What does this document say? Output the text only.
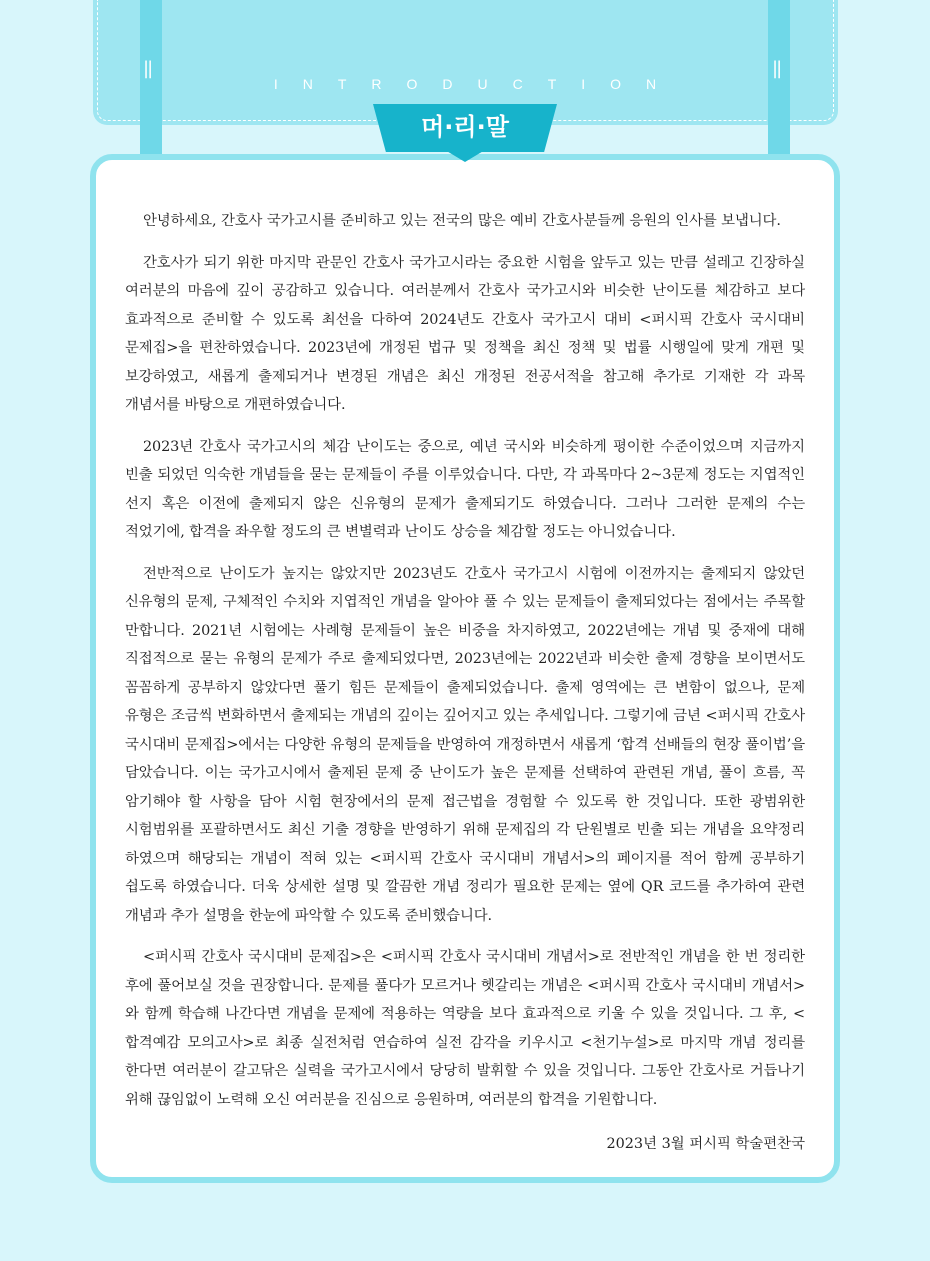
||	||
INTRODUCTION
머·리·말

안녕하세요, 간호사 국가고시를 준비하고 있는 전국의 많은 예비 간호사분들께 응원의 인사를 보냅니다.

간호사가 되기 위한 마지막 관문인 간호사 국가고시라는 중요한 시험을 앞두고 있는 만큼 설레고 긴장하실 여러분의 마음에 깊이 공감하고 있습니다. 여러분께서 간호사 국가고시와 비슷한 난이도를 체감하고 보다 효과적으로 준비할 수 있도록 최선을 다하여 2024년도 간호사 국가고시 대비 <퍼시픽 간호사 국시대비 문제집>을 편찬하였습니다. 2023년에 개정된 법규 및 정책을 최신 정책 및 법률 시행일에 맞게 개편 및 보강하였고, 새롭게 출제되거나 변경된 개념은 최신 개정된 전공서적을 참고해 추가로 기재한 각 과목 개념서를 바탕으로 개편하였습니다.

2023년 간호사 국가고시의 체감 난이도는 중으로, 예년 국시와 비슷하게 평이한 수준이었으며 지금까지 빈출 되었던 익숙한 개념들을 묻는 문제들이 주를 이루었습니다. 다만, 각 과목마다 2~3문제 정도는 지엽적인 선지 혹은 이전에 출제되지 않은 신유형의 문제가 출제되기도 하였습니다. 그러나 그러한 문제의 수는 적었기에, 합격을 좌우할 정도의 큰 변별력과 난이도 상승을 체감할 정도는 아니었습니다.

전반적으로 난이도가 높지는 않았지만 2023년도 간호사 국가고시 시험에 이전까지는 출제되지 않았던 신유형의 문제, 구체적인 수치와 지엽적인 개념을 알아야 풀 수 있는 문제들이 출제되었다는 점에서는 주목할 만합니다. 2021년 시험에는 사례형 문제들이 높은 비중을 차지하였고, 2022년에는 개념 및 중재에 대해 직접적으로 묻는 유형의 문제가 주로 출제되었다면, 2023년에는 2022년과 비슷한 출제 경향을 보이면서도 꼼꼼하게 공부하지 않았다면 풀기 힘든 문제들이 출제되었습니다. 출제 영역에는 큰 변함이 없으나, 문제 유형은 조금씩 변화하면서 출제되는 개념의 깊이는 깊어지고 있는 추세입니다. 그렇기에 금년 <퍼시픽 간호사 국시대비 문제집>에서는 다양한 유형의 문제들을 반영하여 개정하면서 새롭게 ‘합격 선배들의 현장 풀이법’을 담았습니다. 이는 국가고시에서 출제된 문제 중 난이도가 높은 문제를 선택하여 관련된 개념, 풀이 흐름, 꼭 암기해야 할 사항을 담아 시험 현장에서의 문제 접근법을 경험할 수 있도록 한 것입니다. 또한 광범위한 시험범위를 포괄하면서도 최신 기출 경향을 반영하기 위해 문제집의 각 단원별로 빈출 되는 개념을 요약정리 하였으며 해당되는 개념이 적혀 있는 <퍼시픽 간호사 국시대비 개념서>의 페이지를 적어 함께 공부하기 쉽도록 하였습니다. 더욱 상세한 설명 및 깔끔한 개념 정리가 필요한 문제는 옆에 QR 코드를 추가하여 관련 개념과 추가 설명을 한눈에 파악할 수 있도록 준비했습니다.

<퍼시픽 간호사 국시대비 문제집>은 <퍼시픽 간호사 국시대비 개념서>로 전반적인 개념을 한 번 정리한 후에 풀어보실 것을 권장합니다. 문제를 풀다가 모르거나 헷갈리는 개념은 <퍼시픽 간호사 국시대비 개념서>와 함께 학습해 나간다면 개념을 문제에 적용하는 역량을 보다 효과적으로 키울 수 있을 것입니다. 그 후, <합격예감 모의고사>로 최종 실전처럼 연습하여 실전 감각을 키우시고 <천기누설>로 마지막 개념 정리를 한다면 여러분이 갈고닦은 실력을 국가고시에서 당당히 발휘할 수 있을 것입니다. 그동안 간호사로 거듭나기 위해 끊임없이 노력해 오신 여러분을 진심으로 응원하며, 여러분의 합격을 기원합니다.

2023년 3월 퍼시픽 학술편찬국
